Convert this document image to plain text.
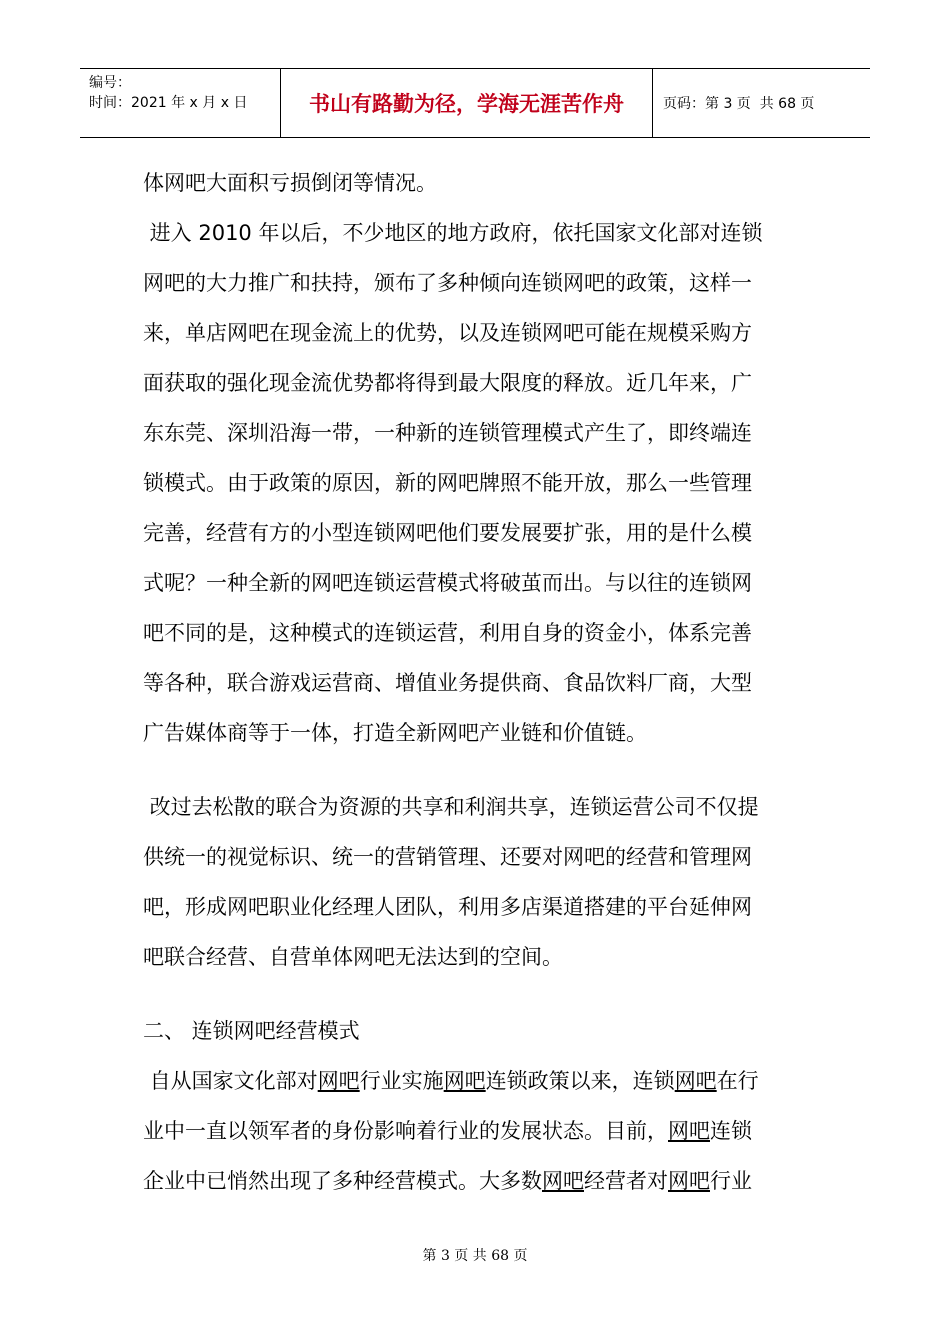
编号：
时间：2021 年 x 月 x 日	书山有路勤为径，学海无涯苦作舟	页码：第 3 页  共 68 页

体网吧大面积亏损倒闭等情况。

进入 2010 年以后，不少地区的地方政府，依托国家文化部对连锁

网吧的大力推广和扶持，颁布了多种倾向连锁网吧的政策，这样一

来，单店网吧在现金流上的优势，以及连锁网吧可能在规模采购方

面获取的强化现金流优势都将得到最大限度的释放。近几年来，广

东东莞、深圳沿海一带，一种新的连锁管理模式产生了，即终端连

锁模式。由于政策的原因，新的网吧牌照不能开放，那么一些管理

完善，经营有方的小型连锁网吧他们要发展要扩张，用的是什么模

式呢？一种全新的网吧连锁运营模式将破茧而出。与以往的连锁网

吧不同的是，这种模式的连锁运营，利用自身的资金小，体系完善

等各种，联合游戏运营商、增值业务提供商、食品饮料厂商，大型

广告媒体商等于一体，打造全新网吧产业链和价值链。

改过去松散的联合为资源的共享和利润共享，连锁运营公司不仅提

供统一的视觉标识、统一的营销管理、还要对网吧的经营和管理网

吧，形成网吧职业化经理人团队，利用多店渠道搭建的平台延伸网

吧联合经营、自营单体网吧无法达到的空间。

二、 连锁网吧经营模式

自从国家文化部对网吧行业实施网吧连锁政策以来，连锁网吧在行

业中一直以领军者的身份影响着行业的发展状态。目前，网吧连锁

企业中已悄然出现了多种经营模式。大多数网吧经营者对网吧行业

第 3 页 共 68 页
